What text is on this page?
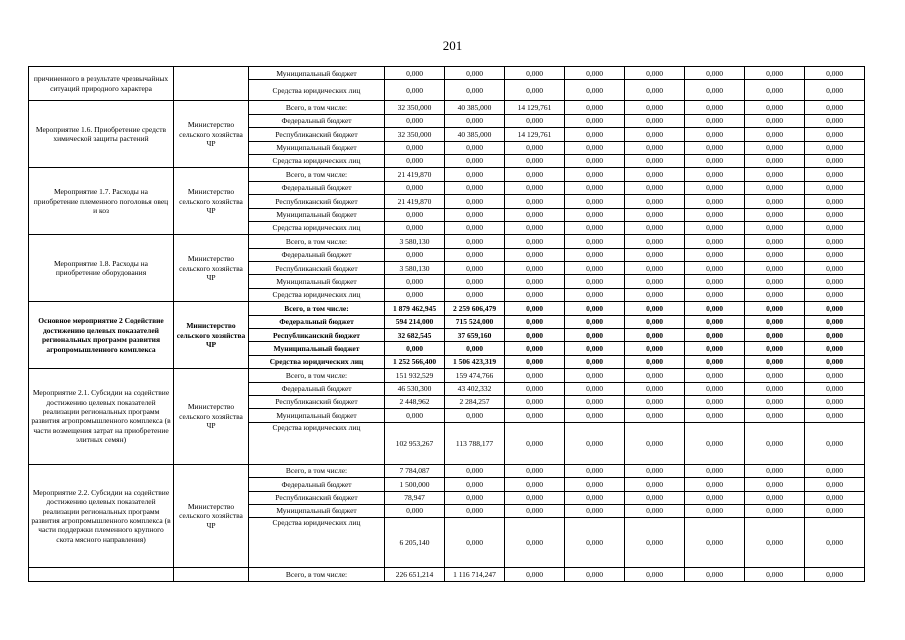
201
причиненного в результате чрезвычайных ситуаций природного характера		Муниципальный бюджет	0,000	0,000	0,000	0,000	0,000	0,000	0,000	0,000
		Средства юридических лиц	0,000	0,000	0,000	0,000	0,000	0,000	0,000	0,000
Мероприятие 1.6. Приобретение средств химической защиты растений	Министерство сельского хозяйства ЧР	Всего, в том числе:	32 350,000	40 385,000	14 129,761	0,000	0,000	0,000	0,000	0,000
		Федеральный бюджет	0,000	0,000	0,000	0,000	0,000	0,000	0,000	0,000
		Республиканский бюджет	32 350,000	40 385,000	14 129,761	0,000	0,000	0,000	0,000	0,000
		Муниципальный бюджет	0,000	0,000	0,000	0,000	0,000	0,000	0,000	0,000
		Средства юридических лиц	0,000	0,000	0,000	0,000	0,000	0,000	0,000	0,000
Мероприятие 1.7. Расходы на приобретение племенного поголовья овец и коз	Министерство сельского хозяйства ЧР	Всего, в том числе:	21 419,870	0,000	0,000	0,000	0,000	0,000	0,000	0,000
		Федеральный бюджет	0,000	0,000	0,000	0,000	0,000	0,000	0,000	0,000
		Республиканский бюджет	21 419,870	0,000	0,000	0,000	0,000	0,000	0,000	0,000
		Муниципальный бюджет	0,000	0,000	0,000	0,000	0,000	0,000	0,000	0,000
		Средства юридических лиц	0,000	0,000	0,000	0,000	0,000	0,000	0,000	0,000
Мероприятие 1.8. Расходы на приобретение оборудования	Министерство сельского хозяйства ЧР	Всего, в том числе:	3 580,130	0,000	0,000	0,000	0,000	0,000	0,000	0,000
		Федеральный бюджет	0,000	0,000	0,000	0,000	0,000	0,000	0,000	0,000
		Республиканский бюджет	3 580,130	0,000	0,000	0,000	0,000	0,000	0,000	0,000
		Муниципальный бюджет	0,000	0,000	0,000	0,000	0,000	0,000	0,000	0,000
		Средства юридических лиц	0,000	0,000	0,000	0,000	0,000	0,000	0,000	0,000
Основное мероприятие 2 Содействие достижению целевых показателей региональных программ развития агропромышленного комплекса	Министерство сельского хозяйства ЧР	Всего, в том числе:	1 879 462,945	2 259 606,479	0,000	0,000	0,000	0,000	0,000	0,000
		Федеральный бюджет	594 214,000	715 524,000	0,000	0,000	0,000	0,000	0,000	0,000
		Республиканский бюджет	32 682,545	37 659,160	0,000	0,000	0,000	0,000	0,000	0,000
		Муниципальный бюджет	0,000	0,000	0,000	0,000	0,000	0,000	0,000	0,000
		Средства юридических лиц	1 252 566,400	1 506 423,319	0,000	0,000	0,000	0,000	0,000	0,000
Мероприятие 2.1. Субсидии на содействие достижению целевых показателей реализации региональных программ развития агропромышленного комплекса (в части возмещения затрат на приобретение элитных семян)	Министерство сельского хозяйства ЧР	Всего, в том числе:	151 932,529	159 474,766	0,000	0,000	0,000	0,000	0,000	0,000
		Федеральный бюджет	46 530,300	43 402,332	0,000	0,000	0,000	0,000	0,000	0,000
		Республиканский бюджет	2 448,962	2 284,257	0,000	0,000	0,000	0,000	0,000	0,000
		Муниципальный бюджет	0,000	0,000	0,000	0,000	0,000	0,000	0,000	0,000
		Средства юридических лиц	102 953,267	113 788,177	0,000	0,000	0,000	0,000	0,000	0,000
Мероприятие 2.2. Субсидии на содействие достижению целевых показателей реализации региональных программ развития агропромышленного комплекса (в части поддержки племенного крупного скота мясного направления)	Министерство сельского хозяйства ЧР	Всего, в том числе:	7 784,087	0,000	0,000	0,000	0,000	0,000	0,000	0,000
		Федеральный бюджет	1 500,000	0,000	0,000	0,000	0,000	0,000	0,000	0,000
		Республиканский бюджет	78,947	0,000	0,000	0,000	0,000	0,000	0,000	0,000
		Муниципальный бюджет	0,000	0,000	0,000	0,000	0,000	0,000	0,000	0,000
		Средства юридических лиц	6 205,140	0,000	0,000	0,000	0,000	0,000	0,000	0,000
		Всего, в том числе:	226 651,214	1 116 714,247	0,000	0,000	0,000	0,000	0,000	0,000
